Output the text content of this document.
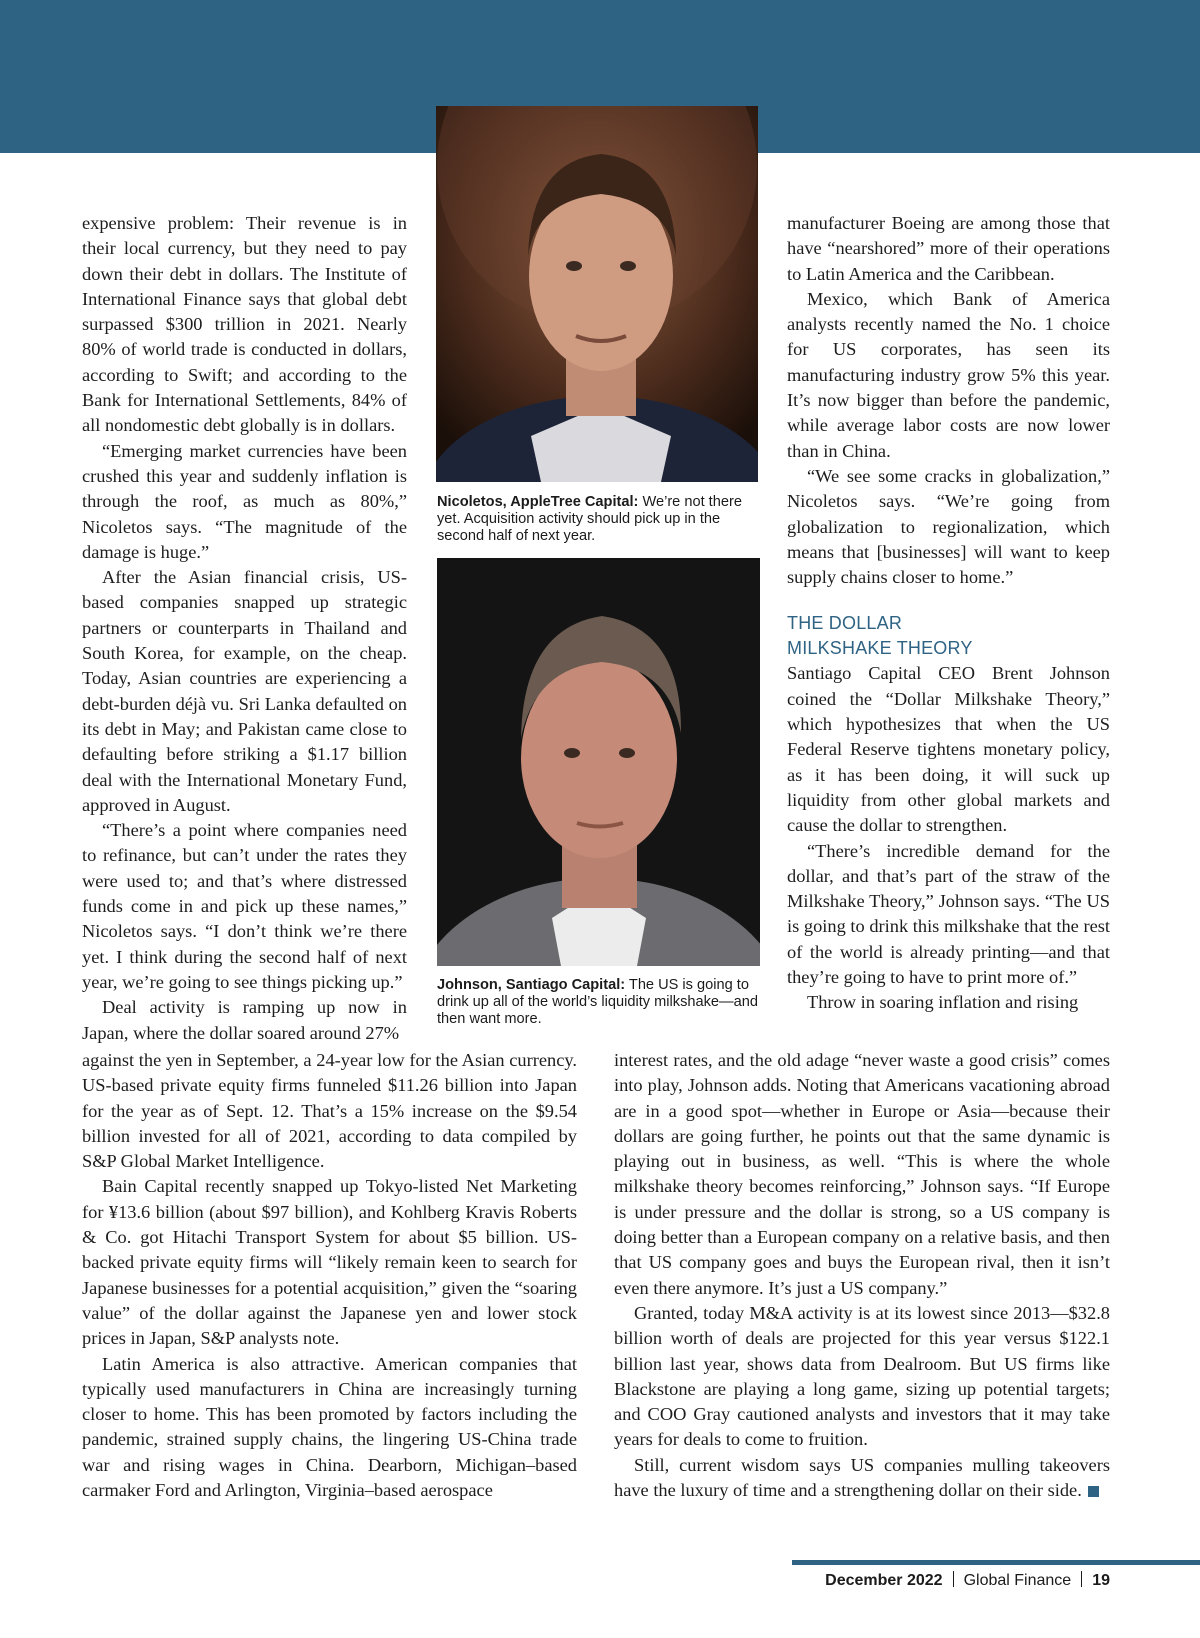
expensive problem: Their revenue is in their local currency, but they need to pay down their debt in dollars. The Institute of International Finance says that global debt surpassed $300 trillion in 2021. Nearly 80% of world trade is conducted in dollars, according to Swift; and according to the Bank for International Settlements, 84% of all nondomestic debt globally is in dollars.

“Emerging market currencies have been crushed this year and suddenly inflation is through the roof, as much as 80%,” Nicoletos says. “The magnitude of the damage is huge.”

After the Asian financial crisis, US-based companies snapped up strategic partners or counterparts in Thailand and South Korea, for example, on the cheap. Today, Asian countries are experiencing a debt-burden déjà vu. Sri Lanka defaulted on its debt in May; and Pakistan came close to defaulting before striking a $1.17 billion deal with the International Monetary Fund, approved in August.

“There’s a point where companies need to refinance, but can’t under the rates they were used to; and that’s where distressed funds come in and pick up these names,” Nicoletos says. “I don’t think we’re there yet. I think during the second half of next year, we’re going to see things picking up.”

Deal activity is ramping up now in Japan, where the dollar soared around 27%

Nicoletos, AppleTree Capital: We’re not there yet. Acquisition activity should pick up in the second half of next year.
Johnson, Santiago Capital: The US is going to drink up all of the world’s liquidity milkshake—and then want more.

against the yen in September, a 24-year low for the Asian currency. US-based private equity firms funneled $11.26 billion into Japan for the year as of Sept. 12. That’s a 15% increase on the $9.54 billion invested for all of 2021, according to data compiled by S&P Global Market Intelligence.

Bain Capital recently snapped up Tokyo-listed Net Marketing for ¥13.6 billion (about $97 billion), and Kohlberg Kravis Roberts & Co. got Hitachi Transport System for about $5 billion. US-backed private equity firms will “likely remain keen to search for Japanese businesses for a potential acquisition,” given the “soaring value” of the dollar against the Japanese yen and lower stock prices in Japan, S&P analysts note.

Latin America is also attractive. American companies that typically used manufacturers in China are increasingly turning closer to home. This has been promoted by factors including the pandemic, strained supply chains, the lingering US-China trade war and rising wages in China. Dearborn, Michigan–based carmaker Ford and Arlington, Virginia–based aerospace

manufacturer Boeing are among those that have “nearshored” more of their operations to Latin America and the Caribbean.

Mexico, which Bank of America analysts recently named the No. 1 choice for US corporates, has seen its manufacturing industry grow 5% this year. It’s now bigger than before the pandemic, while average labor costs are now lower than in China.

“We see some cracks in globalization,” Nicoletos says. “We’re going from globalization to regionalization, which means that [businesses] will want to keep supply chains closer to home.”

THE DOLLAR

MILKSHAKE THEORY

Santiago Capital CEO Brent Johnson coined the “Dollar Milkshake Theory,” which hypothesizes that when the US Federal Reserve tightens monetary policy, as it has been doing, it will suck up liquidity from other global markets and cause the dollar to strengthen.

“There’s incredible demand for the dollar, and that’s part of the straw of the Milkshake Theory,” Johnson says. “The US is going to drink this milkshake that the rest of the world is already printing—and that they’re going to have to print more of.”

Throw in soaring inflation and rising

interest rates, and the old adage “never waste a good crisis” comes into play, Johnson adds. Noting that Americans vacationing abroad are in a good spot—whether in Europe or Asia—because their dollars are going further, he points out that the same dynamic is playing out in business, as well. “This is where the whole milkshake theory becomes reinforcing,” Johnson says. “If Europe is under pressure and the dollar is strong, so a US company is doing better than a European company on a relative basis, and then that US company goes and buys the European rival, then it isn’t even there anymore. It’s just a US company.”

Granted, today M&A activity is at its lowest since 2013—$32.8 billion worth of deals are projected for this year versus $122.1 billion last year, shows data from Dealroom. But US firms like Blackstone are playing a long game, sizing up potential targets; and COO Gray cautioned analysts and investors that it may take years for deals to come to fruition.

Still, current wisdom says US companies mulling takeovers have the luxury of time and a strengthening dollar on their side.

December 2022 Global Finance 19
